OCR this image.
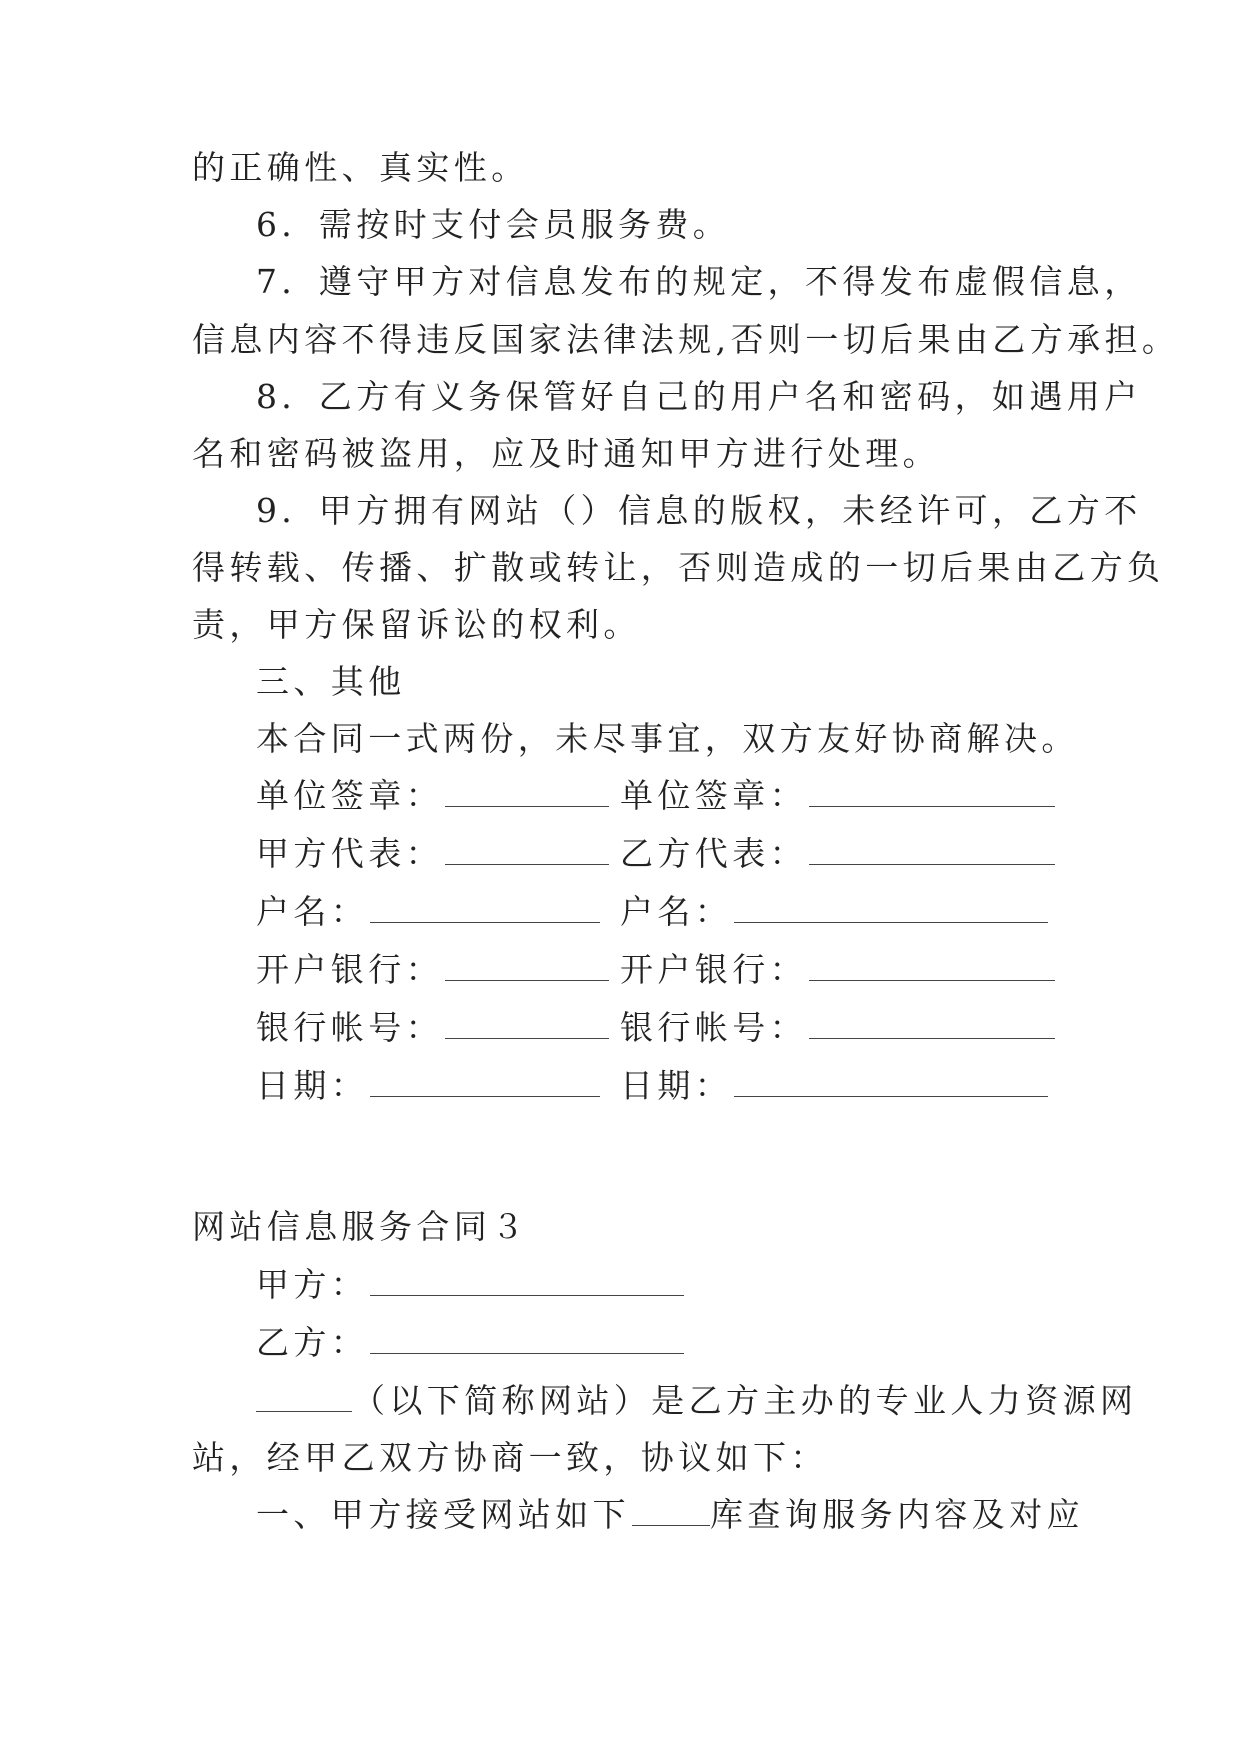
的正确性、真实性。
6．需按时支付会员服务费。
7．遵守甲方对信息发布的规定，不得发布虚假信息，
信息内容不得违反国家法律法规,否则一切后果由乙方承担。
8．乙方有义务保管好自己的用户名和密码，如遇用户
名和密码被盗用，应及时通知甲方进行处理。
9．甲方拥有网站（）信息的版权，未经许可，乙方不
得转载、传播、扩散或转让，否则造成的一切后果由乙方负
责，甲方保留诉讼的权利。
三、其他
本合同一式两份，未尽事宜，双方友好协商解决。
单位签章：	单位签章：
甲方代表：	乙方代表：
户名：	户名：
开户银行：	开户银行：
银行帐号：	银行帐号：
日期：	日期：
网站信息服务合同３
甲方：
乙方：
（以下简称网站）是乙方主办的专业人力资源网
站，经甲乙双方协商一致，协议如下：
一、甲方接受网站如下 库查询服务内容及对应
